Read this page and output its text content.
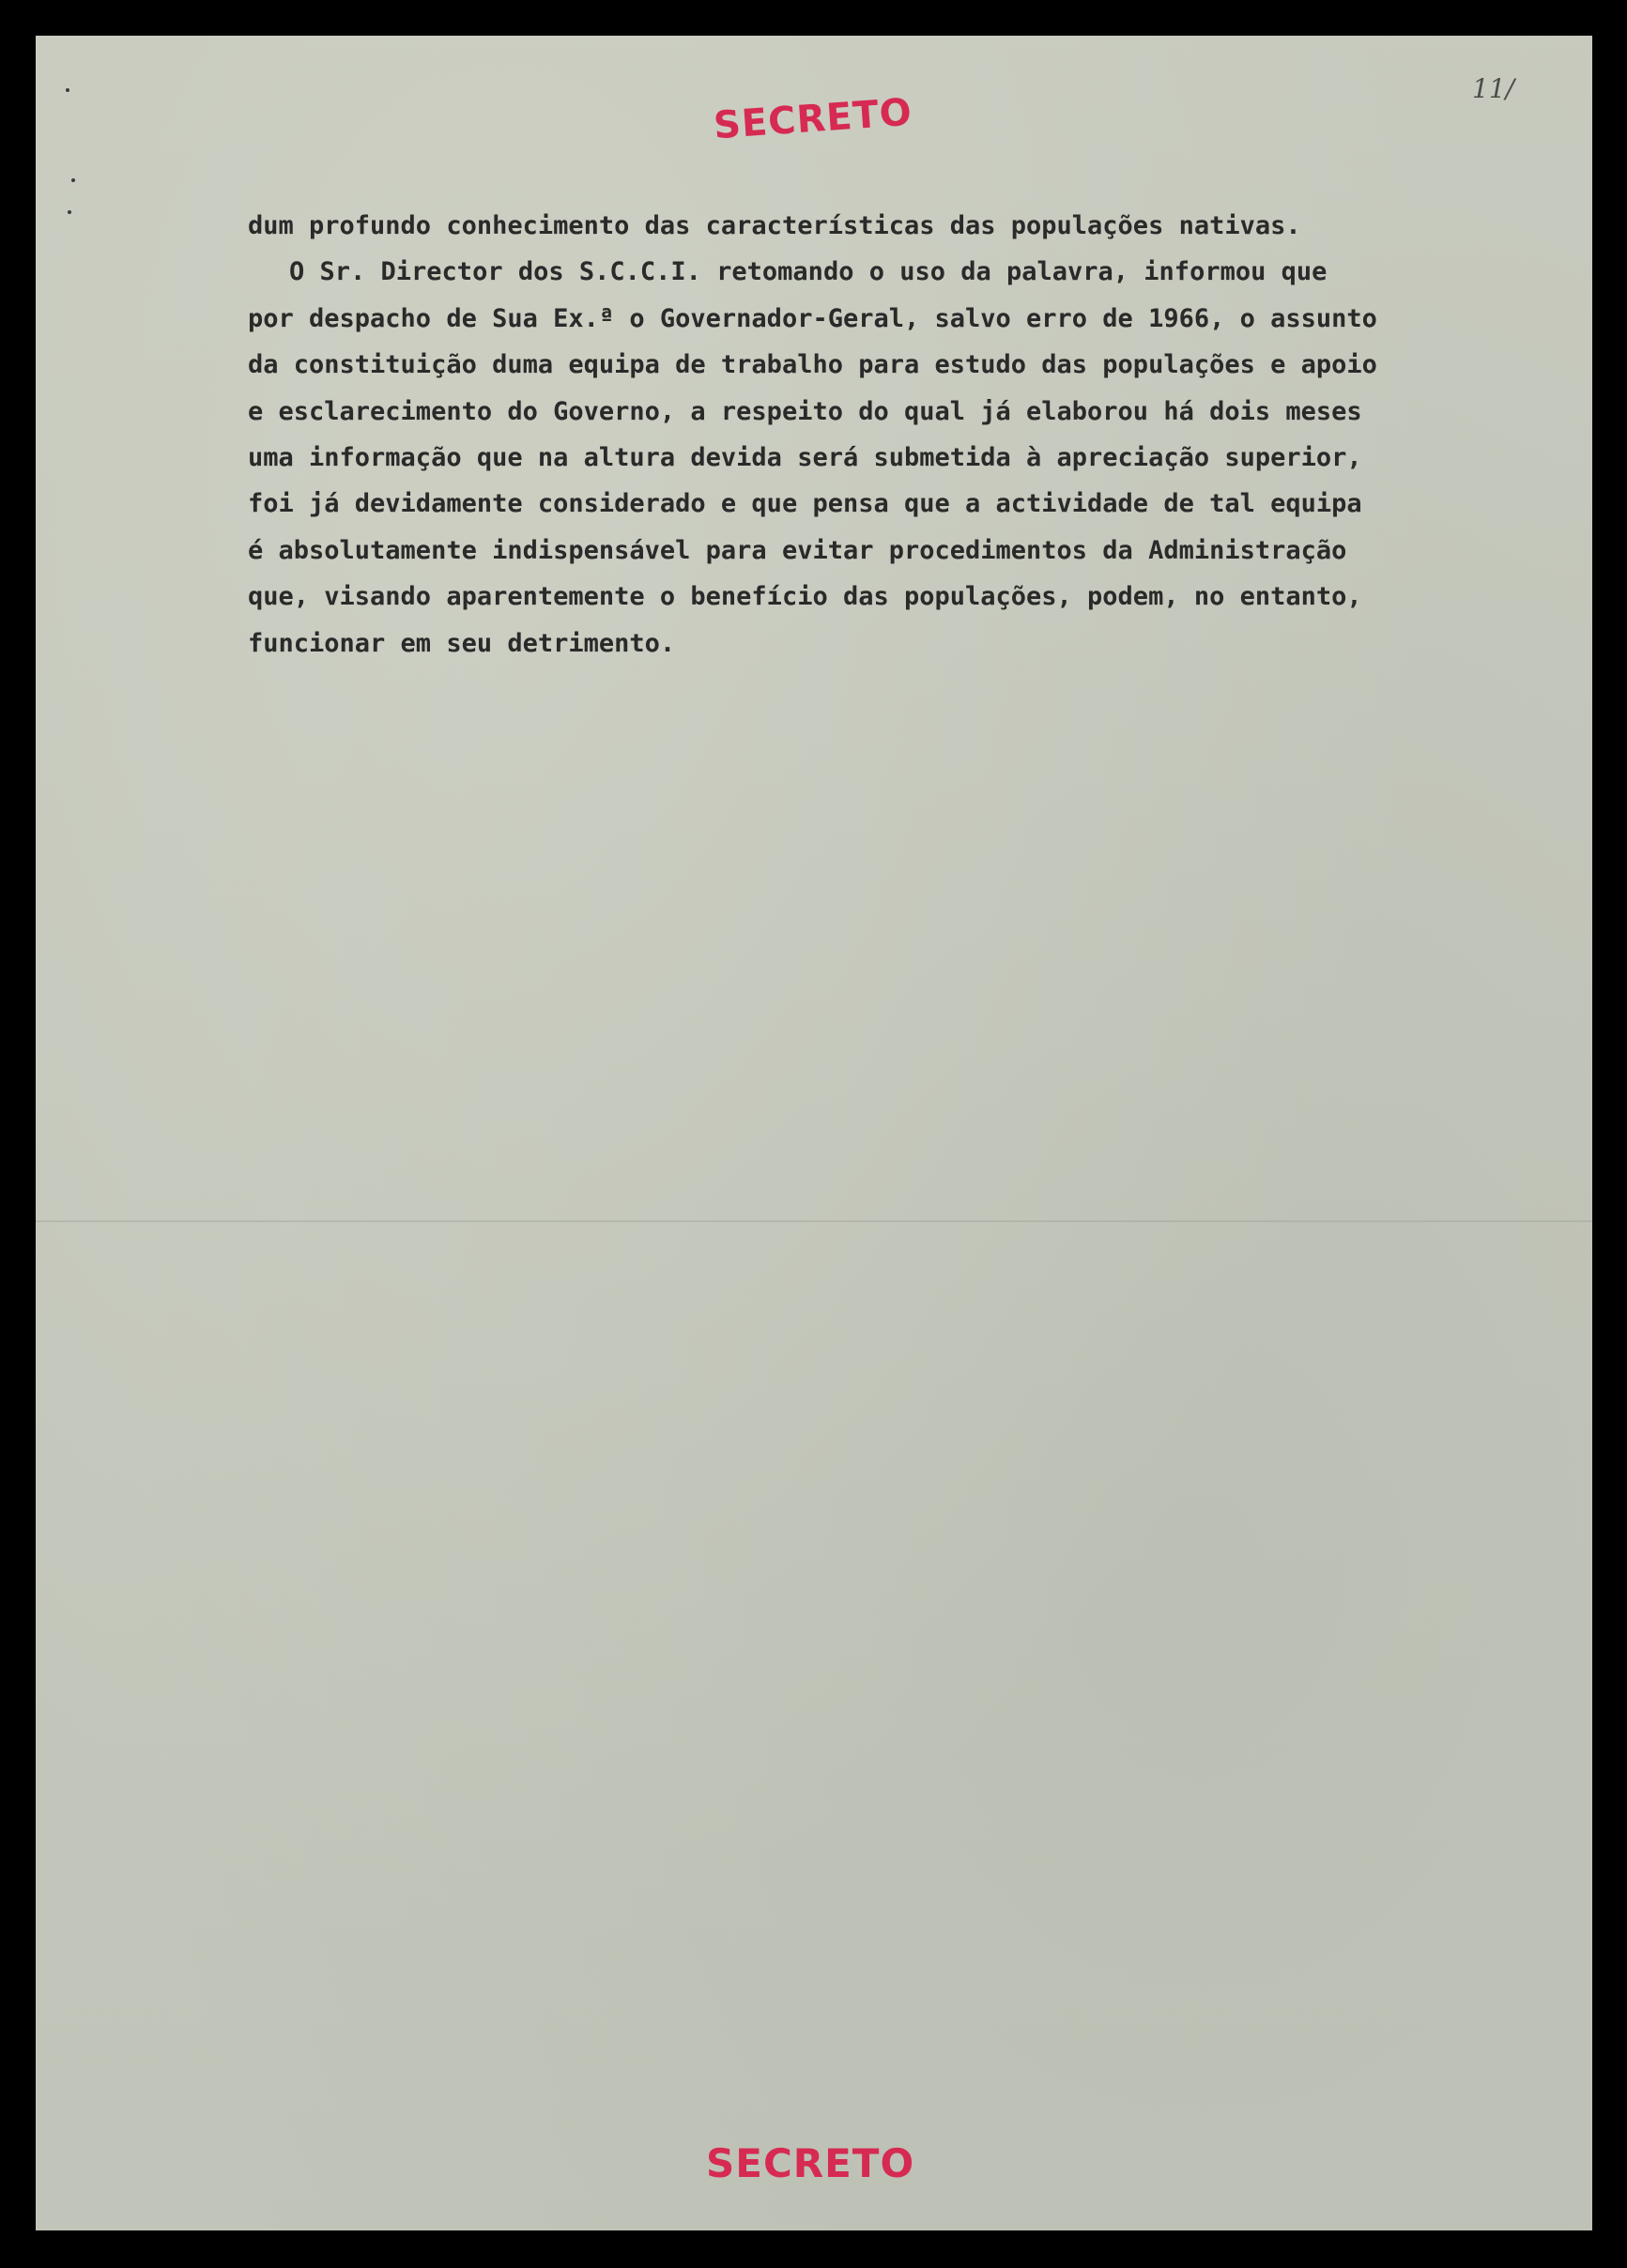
SECRETO
11/

dum profundo conhecimento das características das populações nativas.

O Sr. Director dos S.C.C.I. retomando o uso da palavra, informou que

por despacho de Sua Ex.ª o Governador-Geral, salvo erro de 1966, o assunto

da constituição duma equipa de trabalho para estudo das populações e apoio

e esclarecimento do Governo, a respeito do qual já elaborou há dois meses

uma informação que na altura devida será submetida à apreciação superior,

foi já devidamente considerado e que pensa que a actividade de tal equipa

é absolutamente indispensável para evitar procedimentos da Administração

que, visando aparentemente o benefício das populações, podem, no entanto,

funcionar em seu detrimento.

SECRETO
